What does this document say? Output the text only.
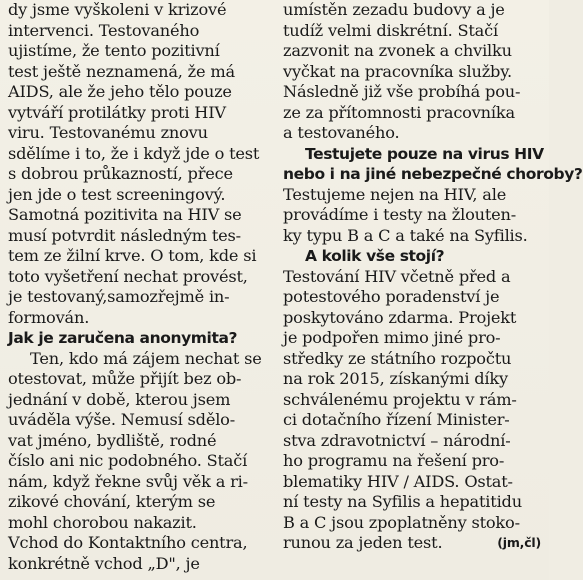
dy jsme vyškoleni v krizové
intervenci. Testovaného
ujistíme, že tento pozitivní
test ještě neznamená, že má
AIDS, ale že jeho tělo pouze
vytváří protilátky proti HIV
viru. Testovanému znovu
sdělíme i to, že i když jde o test
s dobrou průkazností, přece
jen jde o test screeningový.
Samotná pozitivita na HIV se
musí potvrdit následným tes-
tem ze žilní krve. O tom, kde si
toto vyšetření nechat provést,
je testovaný,samozřejmě in-
formován.
Jak je zaručena anonymita?
Ten, kdo má zájem nechat se
otestovat, může přijít bez ob-
jednání v době, kterou jsem
uváděla výše. Nemusí sdělo-
vat jméno, bydliště, rodné
číslo ani nic podobného. Stačí
nám, když řekne svůj věk a ri-
zikové chování, kterým se
mohl chorobou nakazit.
Vchod do Kontaktního centra,
konkrétně vchod „D", je
umístěn zezadu budovy a je
tudíž velmi diskrétní. Stačí
zazvonit na zvonek a chvilku
vyčkat na pracovníka služby.
Následně již vše probíhá pou-
ze za přítomnosti pracovníka
a testovaného.
Testujete pouze na virus HIV
nebo i na jiné nebezpečné choroby?
Testujeme nejen na HIV, ale
provádíme i testy na žlouten-
ky typu B a C a také na Syfilis.
A kolik vše stojí?
Testování HIV včetně před a
potestového poradenství je
poskytováno zdarma. Projekt
je podpořen mimo jiné pro-
středky ze státního rozpočtu
na rok 2015, získanými díky
schválenému projektu v rám-
ci dotačního řízení Minister-
stva zdravotnictví – národní-
ho programu na řešení pro-
blematiky HIV / AIDS. Ostat-
ní testy na Syfilis a hepatitidu
B a C jsou zpoplatněny stoko-
runou za jeden test.	(jm,čl)
